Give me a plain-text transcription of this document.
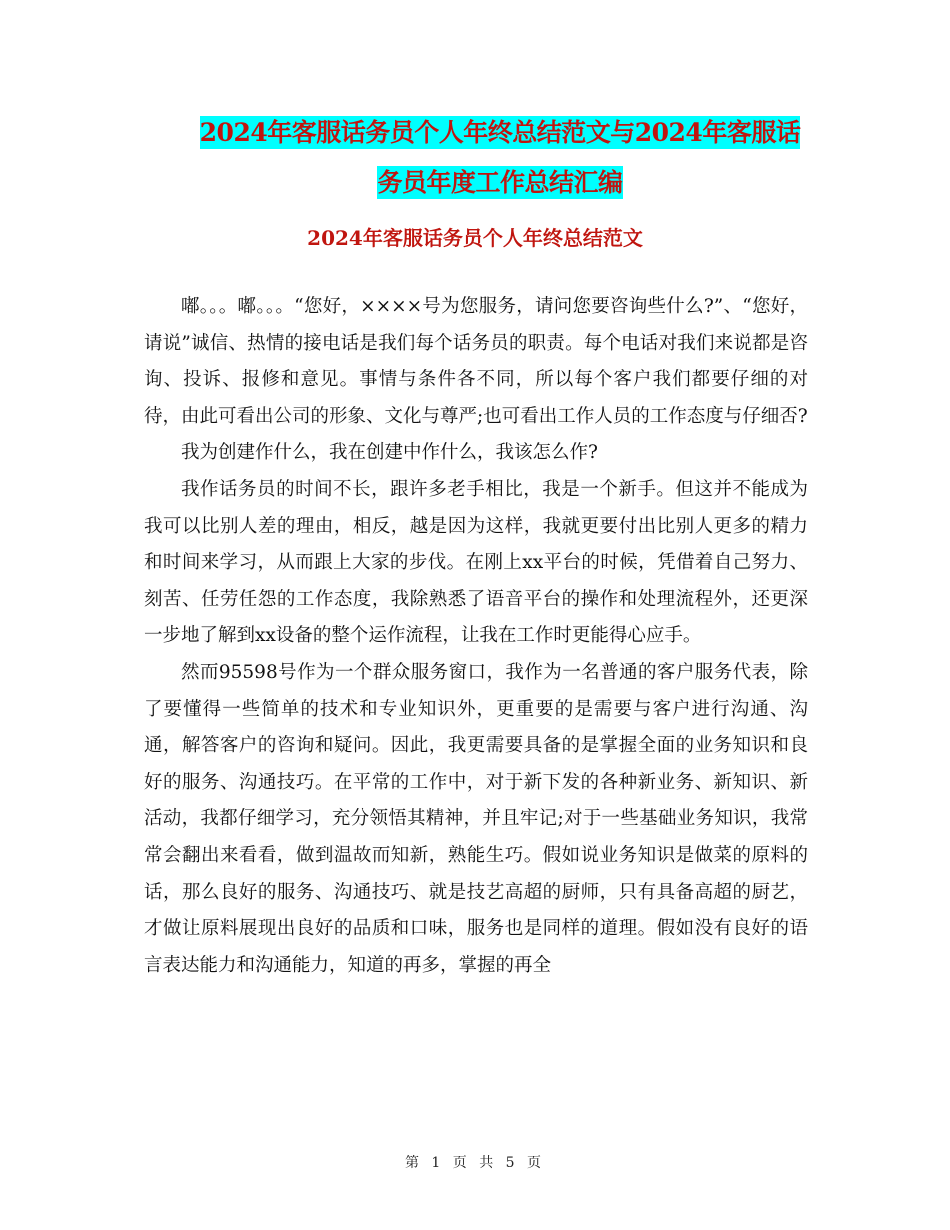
2024年客服话务员个人年终总结范文与2024年客服话
务员年度工作总结汇编
2024年客服话务员个人年终总结范文

嘟。。。嘟。。。“您好，××××号为您服务，请问您要咨询些什么?”、“您好，请说”诚信、热情的接电话是我们每个话务员的职责。每个电话对我们来说都是咨询、投诉、报修和意见。事情与条件各不同，所以每个客户我们都要仔细的对待，由此可看出公司的形象、文化与尊严;也可看出工作人员的工作态度与仔细否?

我为创建作什么，我在创建中作什么，我该怎么作?

我作话务员的时间不长，跟许多老手相比，我是一个新手。但这并不能成为我可以比别人差的理由，相反，越是因为这样，我就更要付出比别人更多的精力和时间来学习，从而跟上大家的步伐。在刚上xx平台的时候，凭借着自己努力、刻苦、任劳任怨的工作态度，我除熟悉了语音平台的操作和处理流程外，还更深一步地了解到xx设备的整个运作流程，让我在工作时更能得心应手。

然而95598号作为一个群众服务窗口，我作为一名普通的客户服务代表，除了要懂得一些简单的技术和专业知识外，更重要的是需要与客户进行沟通、沟通，解答客户的咨询和疑问。因此，我更需要具备的是掌握全面的业务知识和良好的服务、沟通技巧。在平常的工作中，对于新下发的各种新业务、新知识、新活动，我都仔细学习，充分领悟其精神，并且牢记;对于一些基础业务知识，我常常会翻出来看看，做到温故而知新，熟能生巧。假如说业务知识是做菜的原料的话，那么良好的服务、沟通技巧、就是技艺高超的厨师，只有具备高超的厨艺，才做让原料展现出良好的品质和口味，服务也是同样的道理。假如没有良好的语言表达能力和沟通能力，知道的再多，掌握的再全

第 1 页 共 5 页
